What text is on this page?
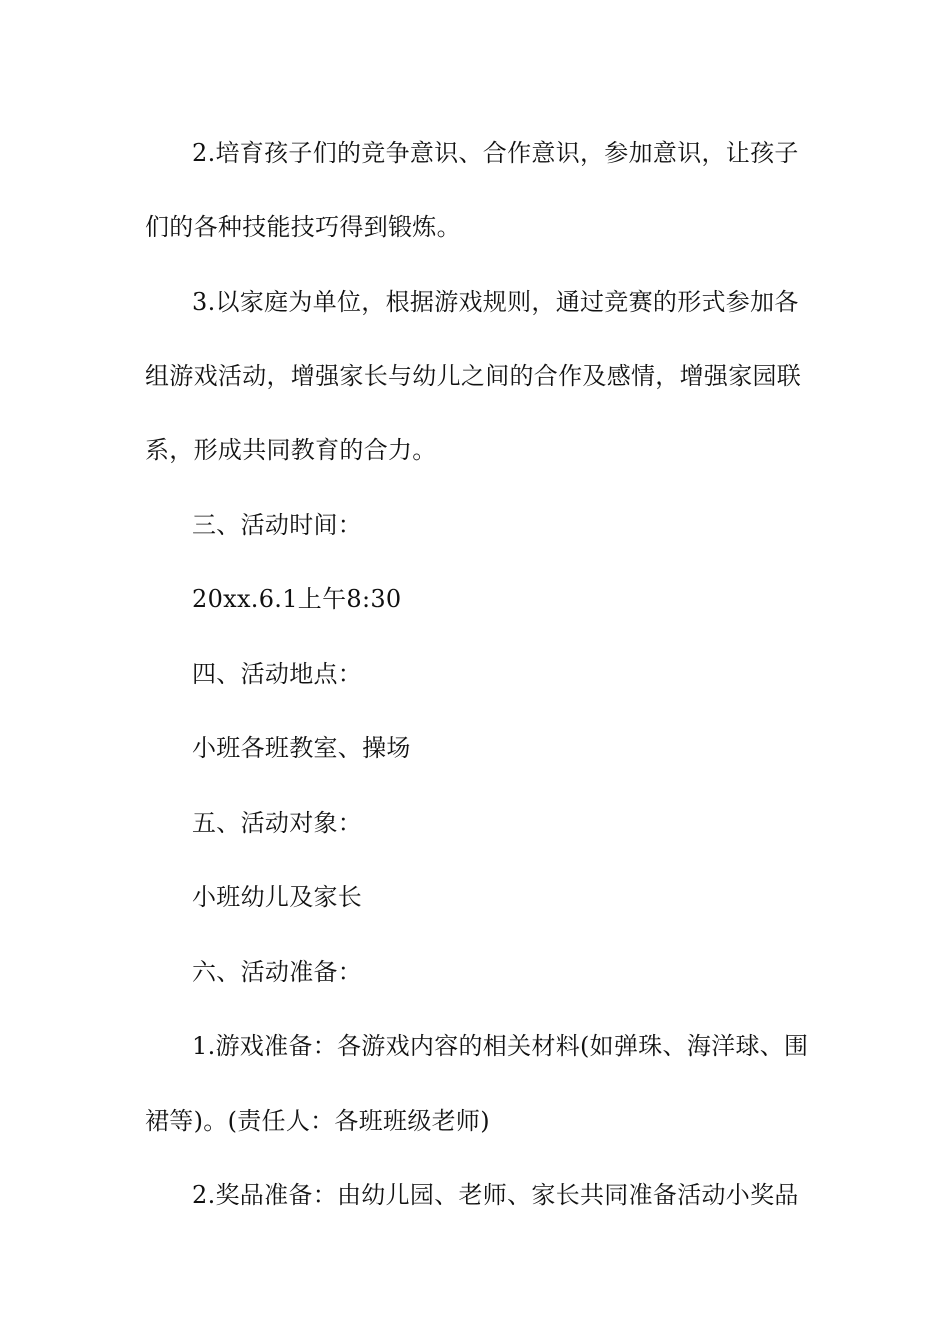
2.培育孩子们的竞争意识、合作意识，参加意识，让孩子
们的各种技能技巧得到锻炼。
3.以家庭为单位，根据游戏规则，通过竞赛的形式参加各
组游戏活动，增强家长与幼儿之间的合作及感情，增强家园联
系，形成共同教育的合力。
三、活动时间：
20xx.6.1上午8:30
四、活动地点：
小班各班教室、操场
五、活动对象：
小班幼儿及家长
六、活动准备：
1.游戏准备：各游戏内容的相关材料(如弹珠、海洋球、围
裙等)。(责任人：各班班级老师)
2.奖品准备：由幼儿园、老师、家长共同准备活动小奖品
